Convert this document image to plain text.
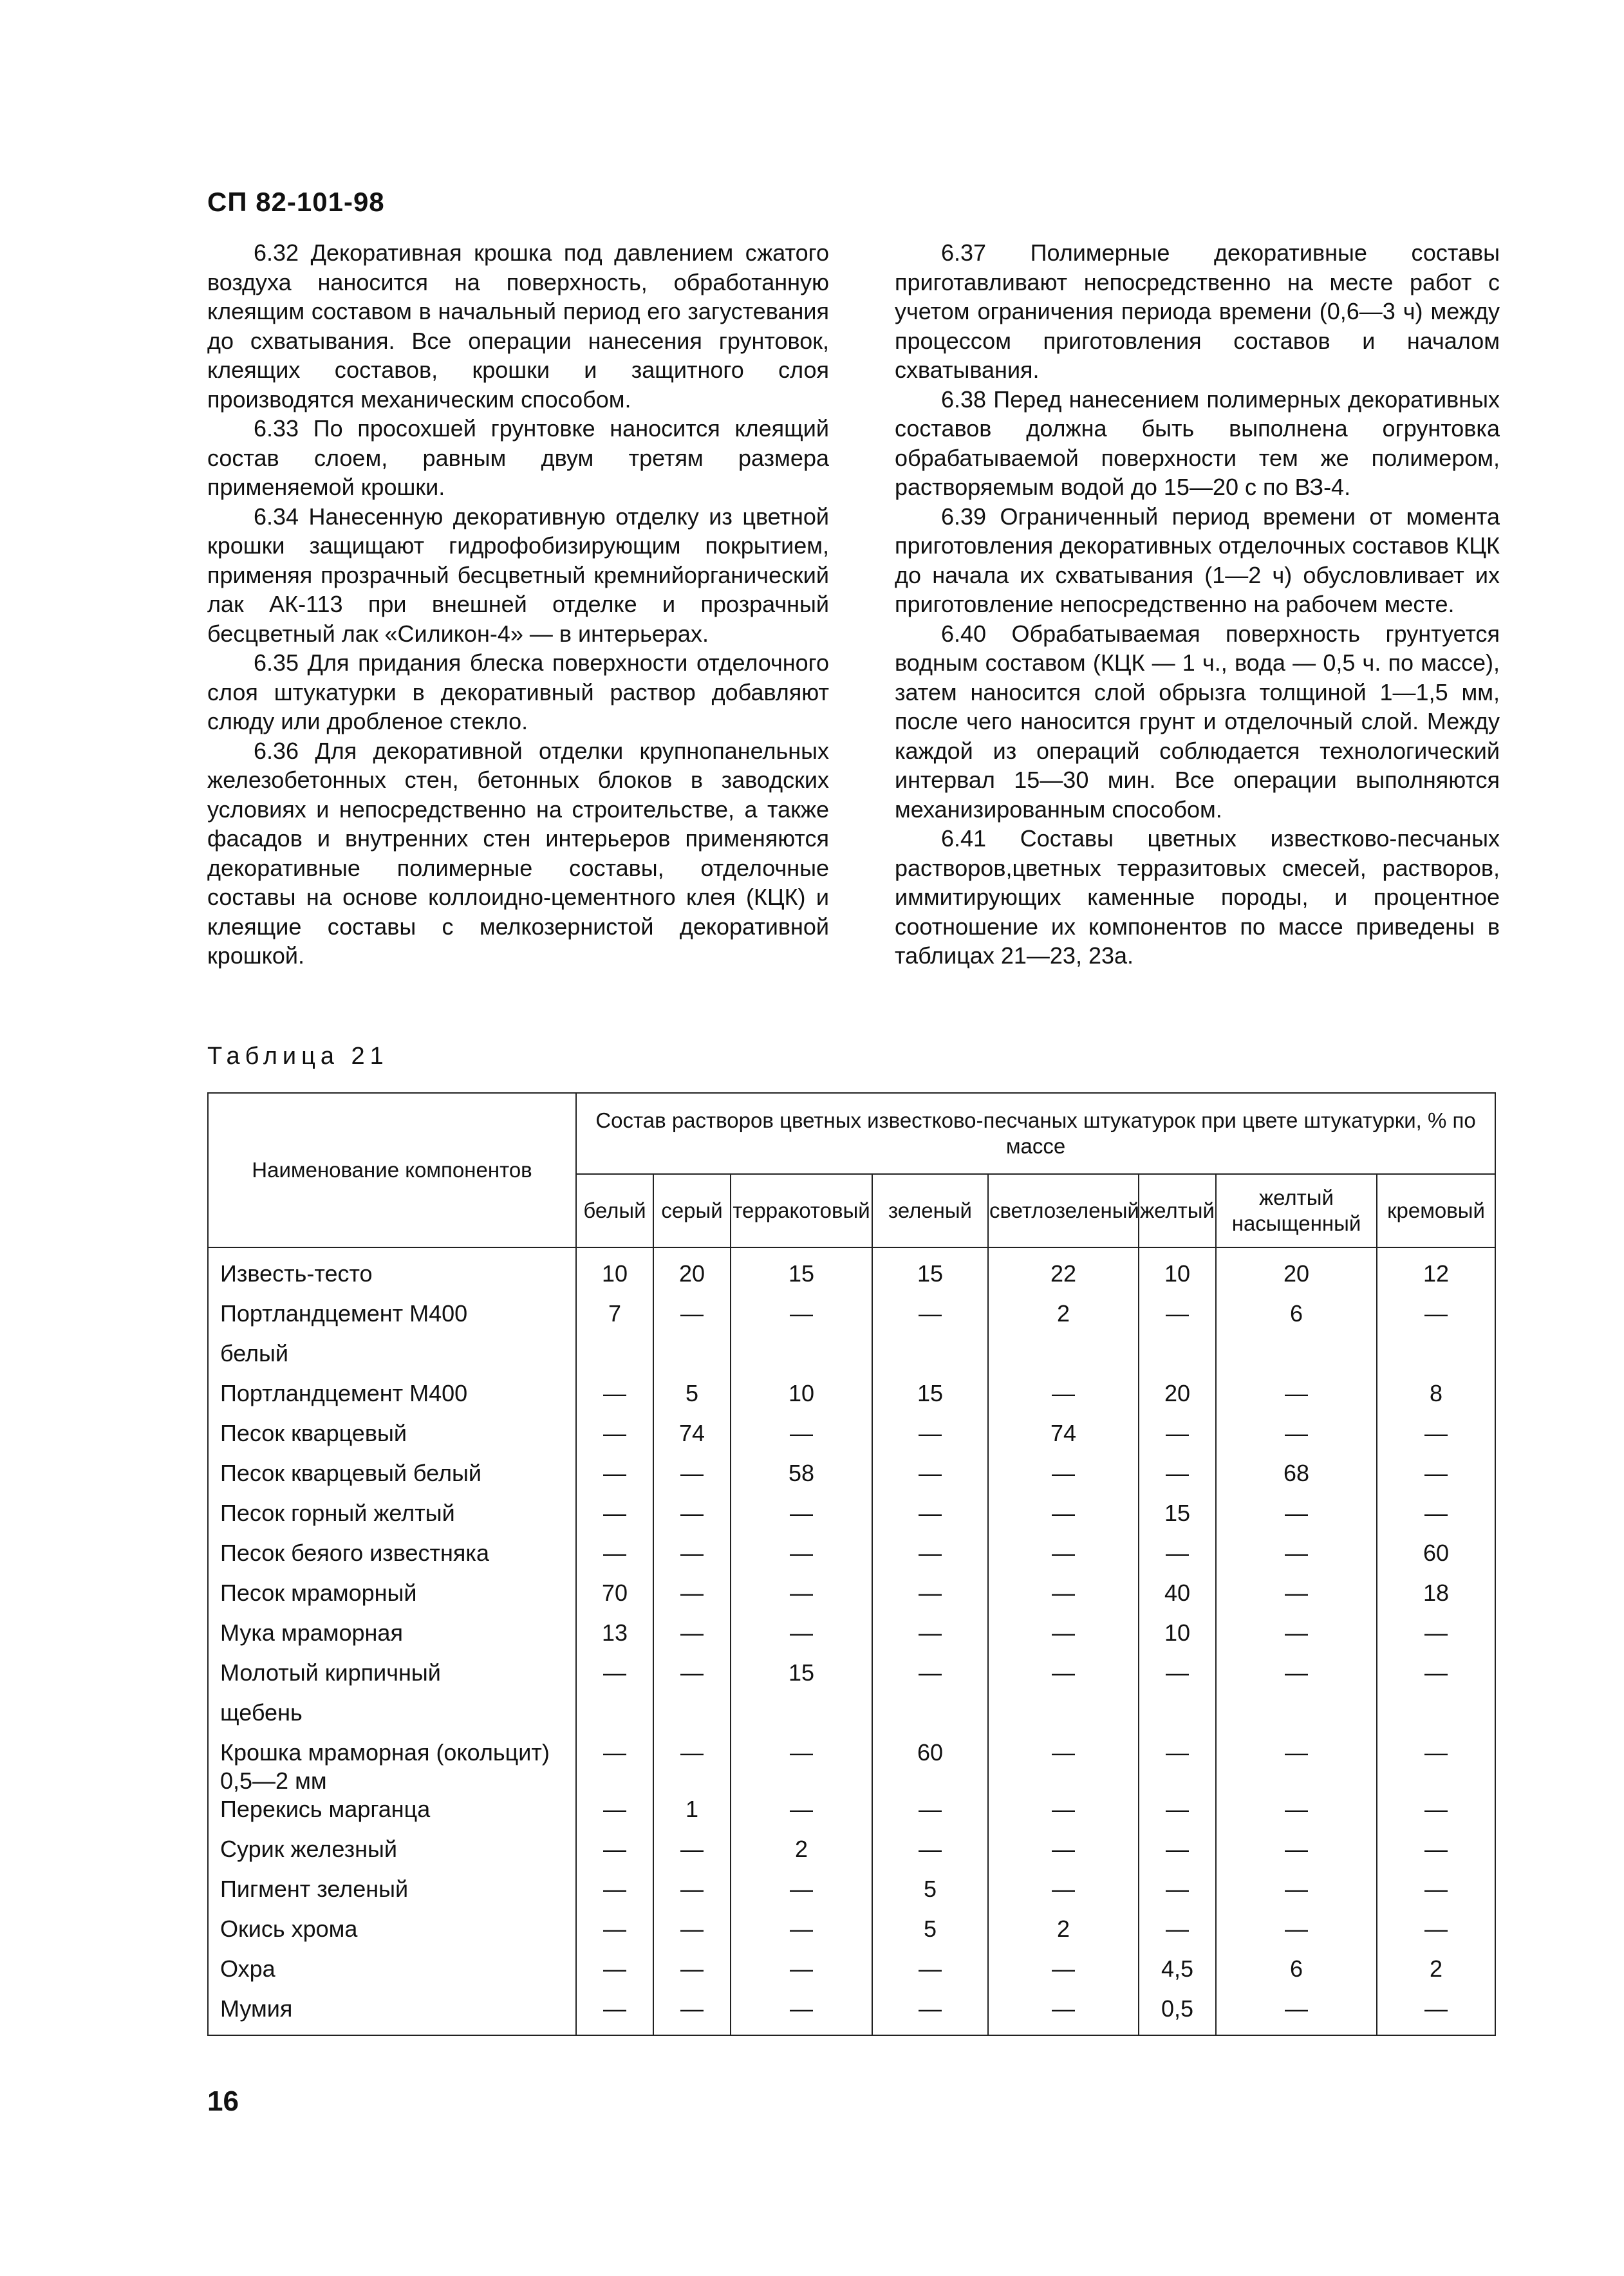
СП 82-101-98

6.32 Декоративная крошка под давлением сжатого воздуха наносится на поверхность, обработанную клеящим составом в начальный период его загустевания до схватывания. Все операции нанесения грунтовок, клеящих составов, крошки и защитного слоя производятся механическим способом.

6.33 По просохшей грунтовке наносится клеящий состав слоем, равным двум третям размера применяемой крошки.

6.34 Нанесенную декоративную отделку из цветной крошки защищают гидрофобизирующим покрытием, применяя прозрачный бесцветный кремнийорганический лак АК-113 при внешней отделке и прозрачный бесцветный лак «Силикон-4» — в интерьерах.

6.35 Для придания блеска поверхности отделочного слоя штукатурки в декоративный раствор добавляют слюду или дробленое стекло.

6.36 Для декоративной отделки крупнопанельных железобетонных стен, бетонных блоков в заводских условиях и непосредственно на строительстве, а также фасадов и внутренних стен интерьеров применяются декоративные полимерные составы, отделочные составы на основе коллоидно-цементного клея (КЦК) и клеящие составы с мелкозернистой декоративной крошкой.

6.37 Полимерные декоративные составы приготавливают непосредственно на месте работ с учетом ограничения периода времени (0,6—3 ч) между процессом приготовления составов и началом схватывания.

6.38 Перед нанесением полимерных декоративных составов должна быть выполнена огрунтовка обрабатываемой поверхности тем же полимером, растворяемым водой до 15—20 с по ВЗ-4.

6.39 Ограниченный период времени от момента приготовления декоративных отделочных составов КЦК до начала их схватывания (1—2 ч) обусловливает их приготовление непосредственно на рабочем месте.

6.40 Обрабатываемая поверхность грунтуется водным составом (КЦК — 1 ч., вода — 0,5 ч. по массе), затем наносится слой обрызга толщиной 1—1,5 мм, после чего наносится грунт и отделочный слой. Между каждой из операций соблюдается технологический интервал 15—30 мин. Все операции выполняются механизированным способом.

6.41 Составы цветных известково-песчаных растворов,цветных терразитовых смесей, растворов, иммитирующих каменные породы, и процентное соотношение их компонентов по массе приведены в таблицах 21—23, 23а.

Таблица 21
Наименование компонентов	Состав растворов цветных известково-песчаных штукатурок при цвете штукатурки, % по массе							
	белый	серый	терракотовый	зеленый	светлозеленый	желтый	желтый насыщенный	кремовый
Известь-тесто	10	20	15	15	22	10	20	12
Портландцемент М400	7	—	—	—	2	—	6	—
белый								
Портландцемент М400	—	5	10	15	—	20	—	8
Песок кварцевый	—	74	—	—	74	—	—	—
Песок кварцевый белый	—	—	58	—	—	—	68	—
Песок горный желтый	—	—	—	—	—	15	—	—
Песок беяого известняка	—	—	—	—	—	—	—	60
Песок мраморный	70	—	—	—	—	40	—	18
Мука мраморная	13	—	—	—	—	10	—	—
Молотый кирпичный	—	—	15	—	—	—	—	—
щебень								
Крошка мраморная (окольцит) 0,5—2 мм	—	—	—	60	—	—	—	—
Перекись марганца	—	1	—	—	—	—	—	—
Сурик железный	—	—	2	—	—	—	—	—
Пигмент зеленый	—	—	—	5	—	—	—	—
Окись хрома	—	—	—	5	2	—	—	—
Охра	—	—	—	—	—	4,5	6	2
Мумия	—	—	—	—	—	0,5	—	—
16
